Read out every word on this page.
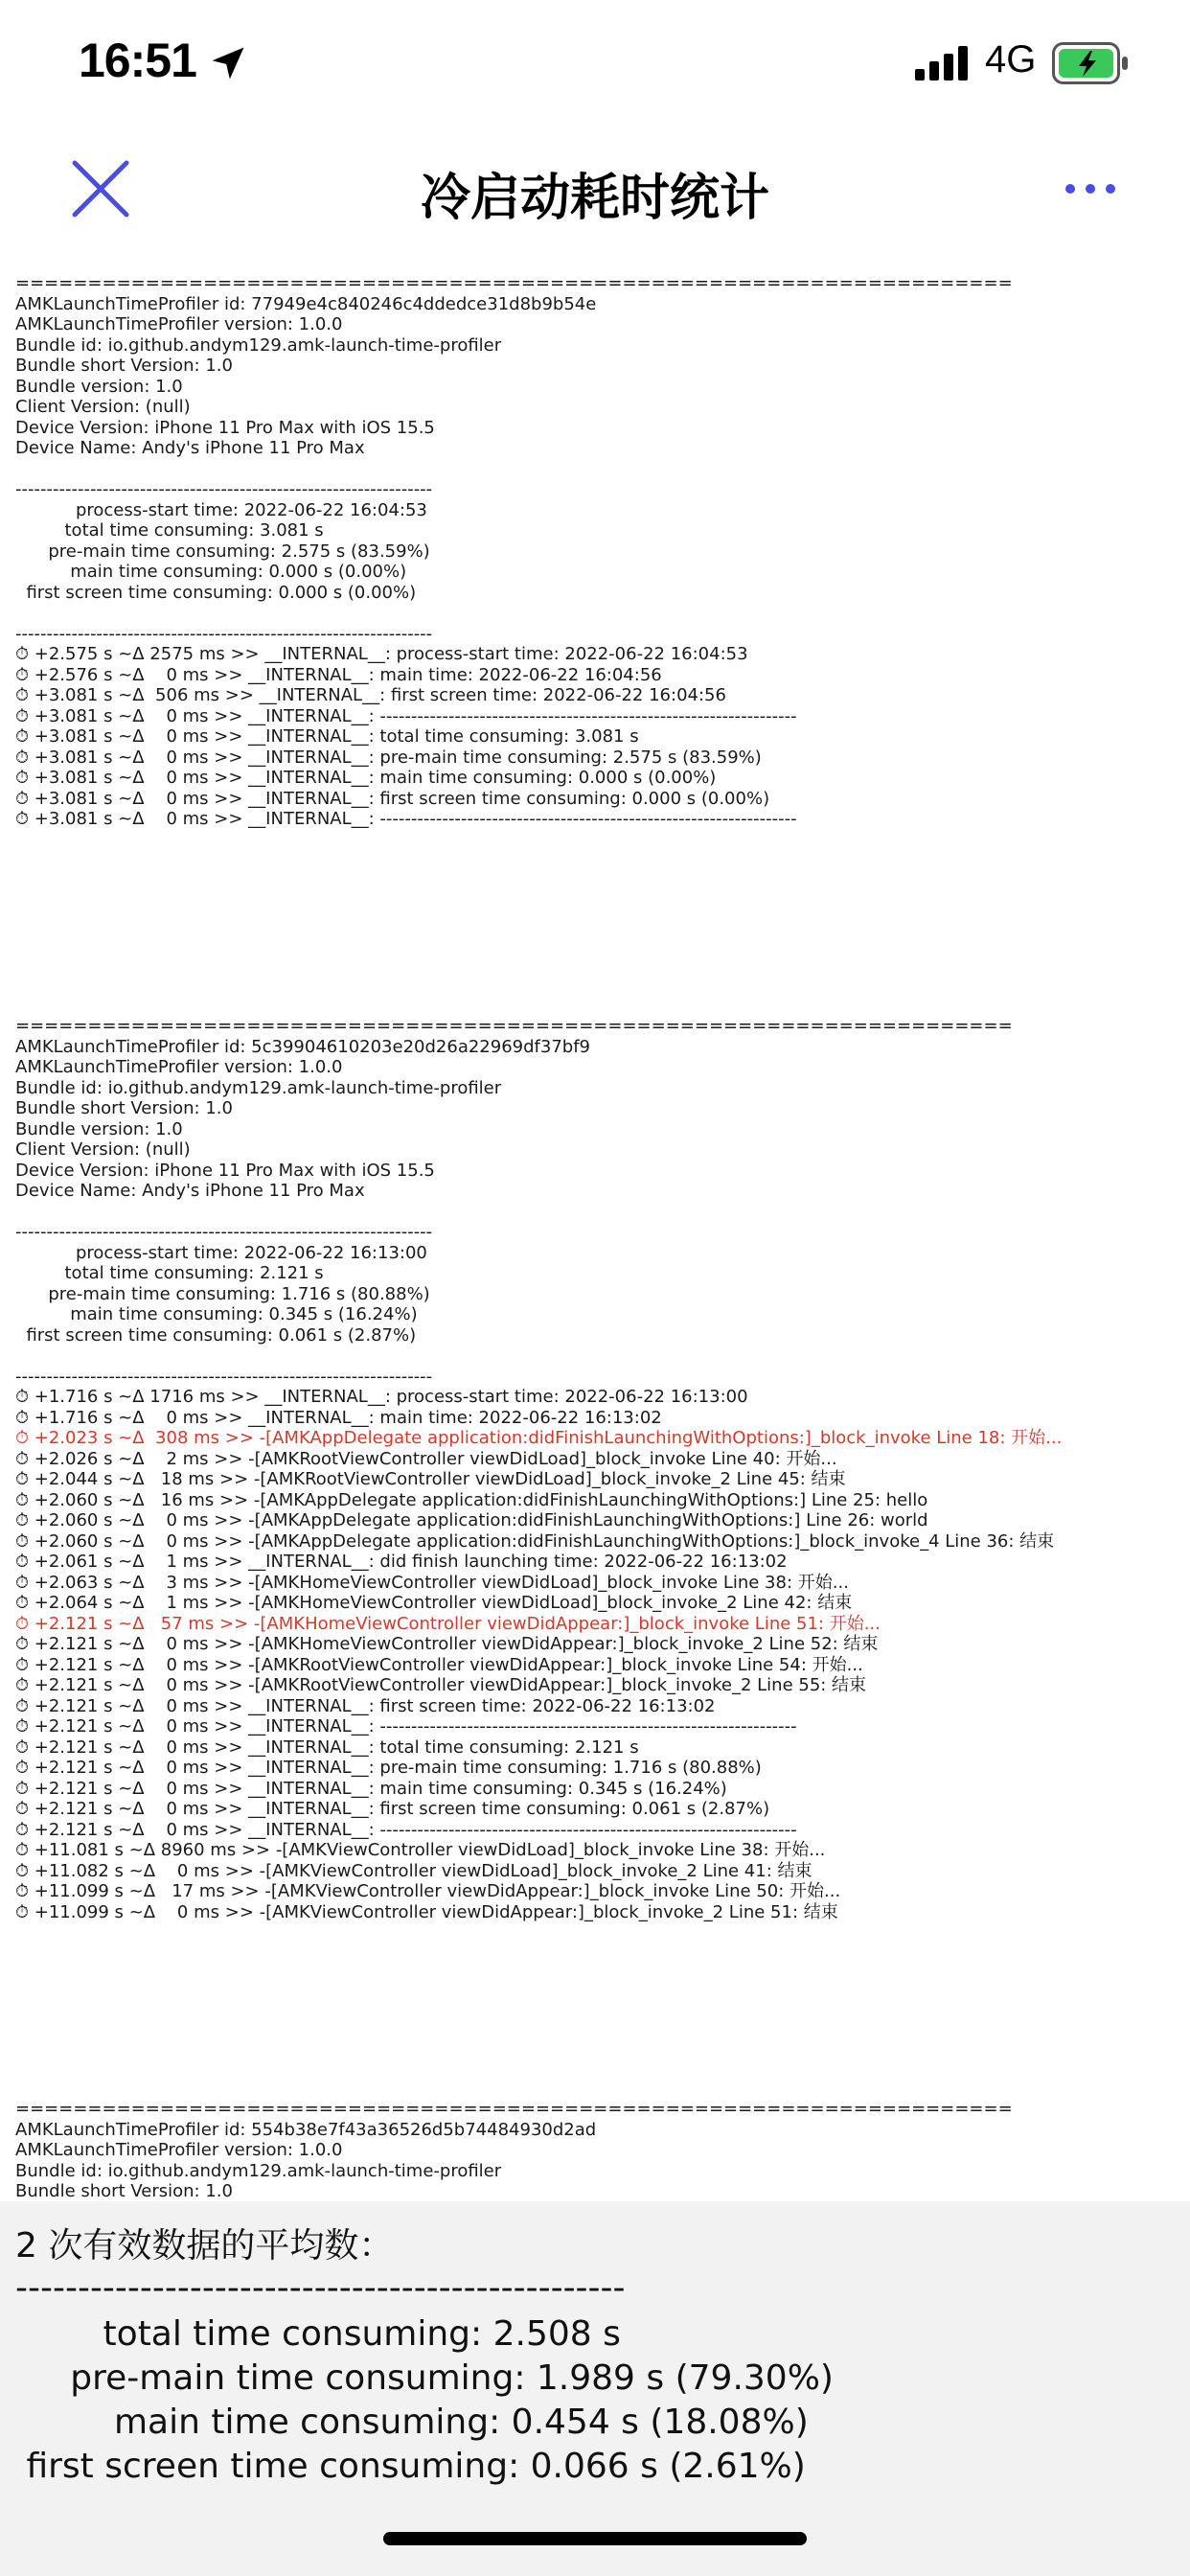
16:51	4G
冷启动耗时统计
=====================================================================
AMKLaunchTimeProfiler id: 77949e4c840246c4ddedce31d8b9b54e
AMKLaunchTimeProfiler version: 1.0.0
Bundle id: io.github.andym129.amk-launch-time-profiler
Bundle short Version: 1.0
Bundle version: 1.0
Client Version: (null)
Device Version: iPhone 11 Pro Max with iOS 15.5
Device Name: Andy's iPhone 11 Pro Max
-------------------------------------------------------------------
process-start time: 2022-06-22 16:04:53
total time consuming: 3.081 s
pre-main time consuming: 2.575 s (83.59%)
main time consuming: 0.000 s (0.00%)
first screen time consuming: 0.000 s (0.00%)
-------------------------------------------------------------------
⏱ +2.575 s ~Δ 2575 ms >> __INTERNAL__: process-start time: 2022-06-22 16:04:53
⏱ +2.576 s ~Δ    0 ms >> __INTERNAL__: main time: 2022-06-22 16:04:56
⏱ +3.081 s ~Δ  506 ms >> __INTERNAL__: first screen time: 2022-06-22 16:04:56
⏱ +3.081 s ~Δ    0 ms >> __INTERNAL__: -------------------------------------------------------------------
⏱ +3.081 s ~Δ    0 ms >> __INTERNAL__: total time consuming: 3.081 s
⏱ +3.081 s ~Δ    0 ms >> __INTERNAL__: pre-main time consuming: 2.575 s (83.59%)
⏱ +3.081 s ~Δ    0 ms >> __INTERNAL__: main time consuming: 0.000 s (0.00%)
⏱ +3.081 s ~Δ    0 ms >> __INTERNAL__: first screen time consuming: 0.000 s (0.00%)
⏱ +3.081 s ~Δ    0 ms >> __INTERNAL__: -------------------------------------------------------------------
=====================================================================
AMKLaunchTimeProfiler id: 5c39904610203e20d26a22969df37bf9
AMKLaunchTimeProfiler version: 1.0.0
Bundle id: io.github.andym129.amk-launch-time-profiler
Bundle short Version: 1.0
Bundle version: 1.0
Client Version: (null)
Device Version: iPhone 11 Pro Max with iOS 15.5
Device Name: Andy's iPhone 11 Pro Max
-------------------------------------------------------------------
process-start time: 2022-06-22 16:13:00
total time consuming: 2.121 s
pre-main time consuming: 1.716 s (80.88%)
main time consuming: 0.345 s (16.24%)
first screen time consuming: 0.061 s (2.87%)
-------------------------------------------------------------------
⏱ +1.716 s ~Δ 1716 ms >> __INTERNAL__: process-start time: 2022-06-22 16:13:00
⏱ +1.716 s ~Δ    0 ms >> __INTERNAL__: main time: 2022-06-22 16:13:02
⏱ +2.023 s ~Δ  308 ms >> -[AMKAppDelegate application:didFinishLaunchingWithOptions:]_block_invoke Line 18: 开始...
⏱ +2.026 s ~Δ    2 ms >> -[AMKRootViewController viewDidLoad]_block_invoke Line 40: 开始...
⏱ +2.044 s ~Δ   18 ms >> -[AMKRootViewController viewDidLoad]_block_invoke_2 Line 45: 结束
⏱ +2.060 s ~Δ   16 ms >> -[AMKAppDelegate application:didFinishLaunchingWithOptions:] Line 25: hello
⏱ +2.060 s ~Δ    0 ms >> -[AMKAppDelegate application:didFinishLaunchingWithOptions:] Line 26: world
⏱ +2.060 s ~Δ    0 ms >> -[AMKAppDelegate application:didFinishLaunchingWithOptions:]_block_invoke_4 Line 36: 结束
⏱ +2.061 s ~Δ    1 ms >> __INTERNAL__: did finish launching time: 2022-06-22 16:13:02
⏱ +2.063 s ~Δ    3 ms >> -[AMKHomeViewController viewDidLoad]_block_invoke Line 38: 开始...
⏱ +2.064 s ~Δ    1 ms >> -[AMKHomeViewController viewDidLoad]_block_invoke_2 Line 42: 结束
⏱ +2.121 s ~Δ   57 ms >> -[AMKHomeViewController viewDidAppear:]_block_invoke Line 51: 开始...
⏱ +2.121 s ~Δ    0 ms >> -[AMKHomeViewController viewDidAppear:]_block_invoke_2 Line 52: 结束
⏱ +2.121 s ~Δ    0 ms >> -[AMKRootViewController viewDidAppear:]_block_invoke Line 54: 开始...
⏱ +2.121 s ~Δ    0 ms >> -[AMKRootViewController viewDidAppear:]_block_invoke_2 Line 55: 结束
⏱ +2.121 s ~Δ    0 ms >> __INTERNAL__: first screen time: 2022-06-22 16:13:02
⏱ +2.121 s ~Δ    0 ms >> __INTERNAL__: -------------------------------------------------------------------
⏱ +2.121 s ~Δ    0 ms >> __INTERNAL__: total time consuming: 2.121 s
⏱ +2.121 s ~Δ    0 ms >> __INTERNAL__: pre-main time consuming: 1.716 s (80.88%)
⏱ +2.121 s ~Δ    0 ms >> __INTERNAL__: main time consuming: 0.345 s (16.24%)
⏱ +2.121 s ~Δ    0 ms >> __INTERNAL__: first screen time consuming: 0.061 s (2.87%)
⏱ +2.121 s ~Δ    0 ms >> __INTERNAL__: -------------------------------------------------------------------
⏱ +11.081 s ~Δ 8960 ms >> -[AMKViewController viewDidLoad]_block_invoke Line 38: 开始...
⏱ +11.082 s ~Δ    0 ms >> -[AMKViewController viewDidLoad]_block_invoke_2 Line 41: 结束
⏱ +11.099 s ~Δ   17 ms >> -[AMKViewController viewDidAppear:]_block_invoke Line 50: 开始...
⏱ +11.099 s ~Δ    0 ms >> -[AMKViewController viewDidAppear:]_block_invoke_2 Line 51: 结束
=====================================================================
AMKLaunchTimeProfiler id: 554b38e7f43a36526d5b74484930d2ad
AMKLaunchTimeProfiler version: 1.0.0
Bundle id: io.github.andym129.amk-launch-time-profiler
Bundle short Version: 1.0
2 次有效数据的平均数：
-------------------------------------------------
total time consuming: 2.508 s
pre-main time consuming: 1.989 s (79.30%)
main time consuming: 0.454 s (18.08%)
first screen time consuming: 0.066 s (2.61%)
